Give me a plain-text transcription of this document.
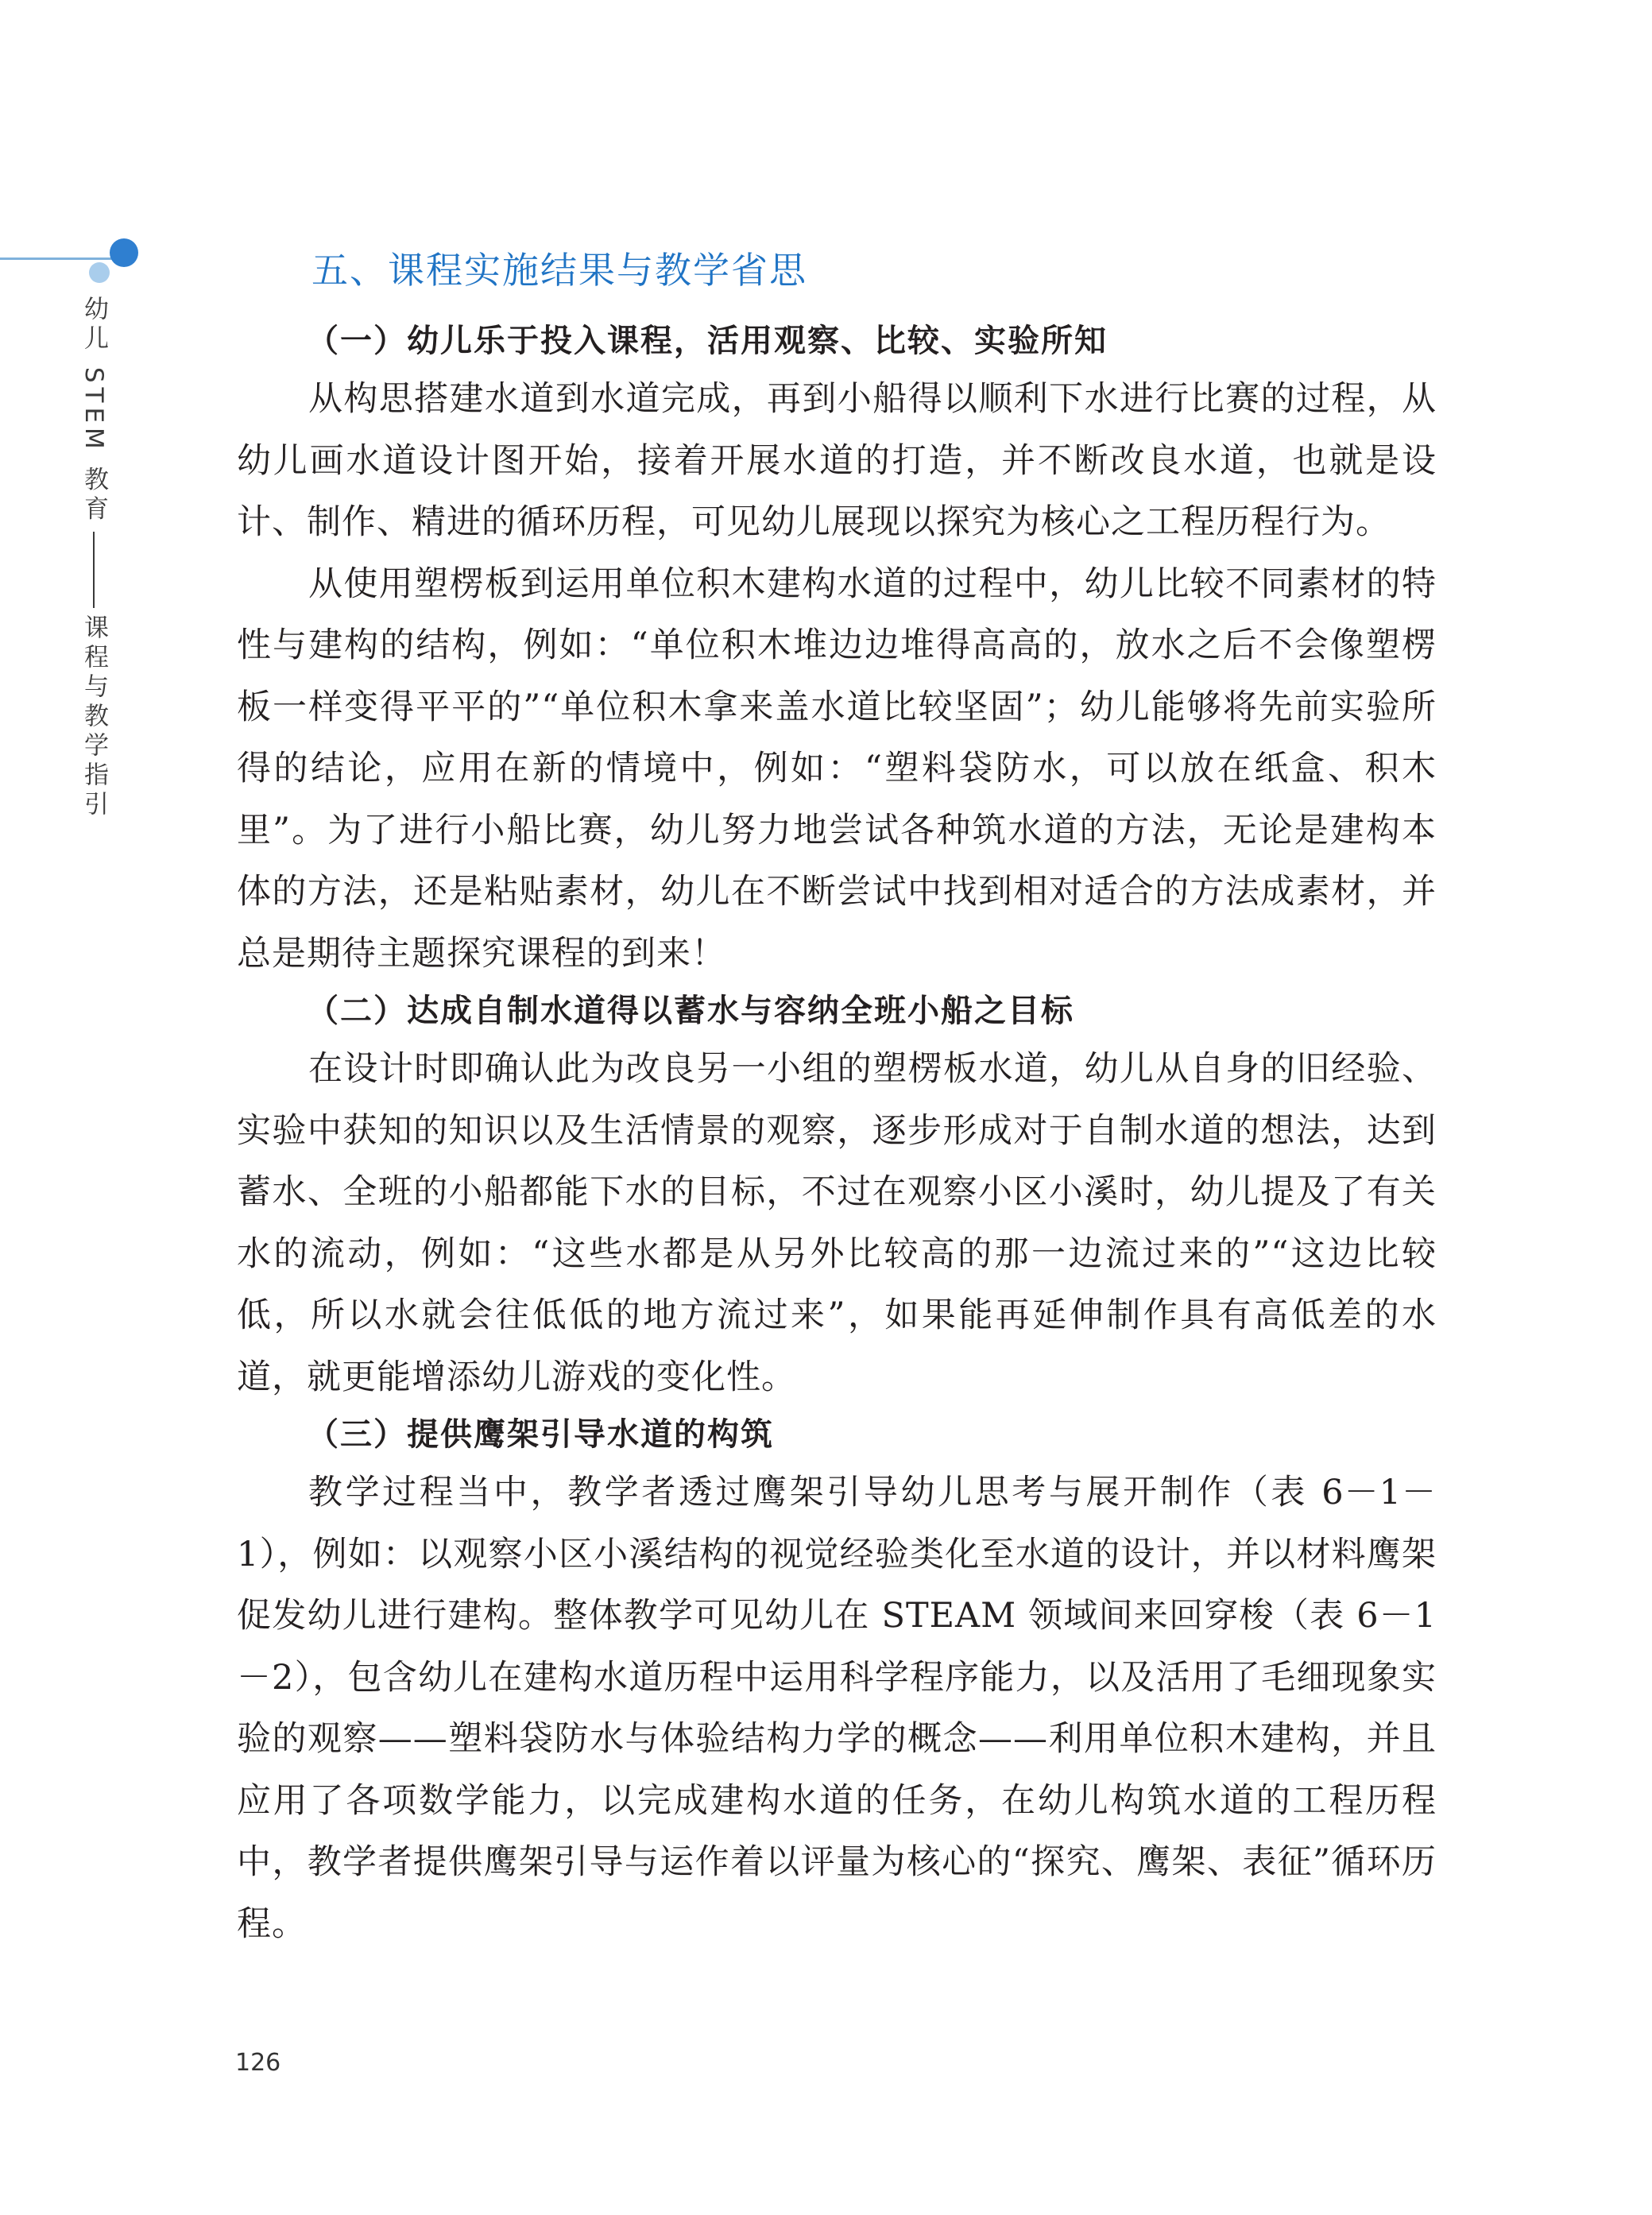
幼儿 STEM 教育课程与教学指引
五、课程实施结果与教学省思
（一）幼儿乐于投入课程，活用观察、比较、实验所知

从构思搭建水道到水道完成，再到小船得以顺利下水进行比赛的过程，从幼儿画水道设计图开始，接着开展水道的打造，并不断改良水道，也就是设计、制作、精进的循环历程，可见幼儿展现以探究为核心之工程历程行为。

从使用塑楞板到运用单位积木建构水道的过程中，幼儿比较不同素材的特性与建构的结构，例如：“单位积木堆边边堆得高高的，放水之后不会像塑楞板一样变得平平的”“单位积木拿来盖水道比较坚固”；幼儿能够将先前实验所得的结论，应用在新的情境中，例如：“塑料袋防水，可以放在纸盒、积木里”。为了进行小船比赛，幼儿努力地尝试各种筑水道的方法，无论是建构本体的方法，还是粘贴素材，幼儿在不断尝试中找到相对适合的方法成素材，并总是期待主题探究课程的到来！

（二）达成自制水道得以蓄水与容纳全班小船之目标

在设计时即确认此为改良另一小组的塑楞板水道，幼儿从自身的旧经验、实验中获知的知识以及生活情景的观察，逐步形成对于自制水道的想法，达到蓄水、全班的小船都能下水的目标，不过在观察小区小溪时，幼儿提及了有关水的流动，例如：“这些水都是从另外比较高的那一边流过来的”“这边比较低，所以水就会往低低的地方流过来”，如果能再延伸制作具有高低差的水道，就更能增添幼儿游戏的变化性。

（三）提供鹰架引导水道的构筑

教学过程当中，教学者透过鹰架引导幼儿思考与展开制作（表 6－1－1），例如：以观察小区小溪结构的视觉经验类化至水道的设计，并以材料鹰架促发幼儿进行建构。整体教学可见幼儿在 STEAM 领域间来回穿梭（表 6－1－2），包含幼儿在建构水道历程中运用科学程序能力，以及活用了毛细现象实验的观察——塑料袋防水与体验结构力学的概念——利用单位积木建构，并且应用了各项数学能力，以完成建构水道的任务，在幼儿构筑水道的工程历程中，教学者提供鹰架引导与运作着以评量为核心的“探究、鹰架、表征”循环历程。

126
